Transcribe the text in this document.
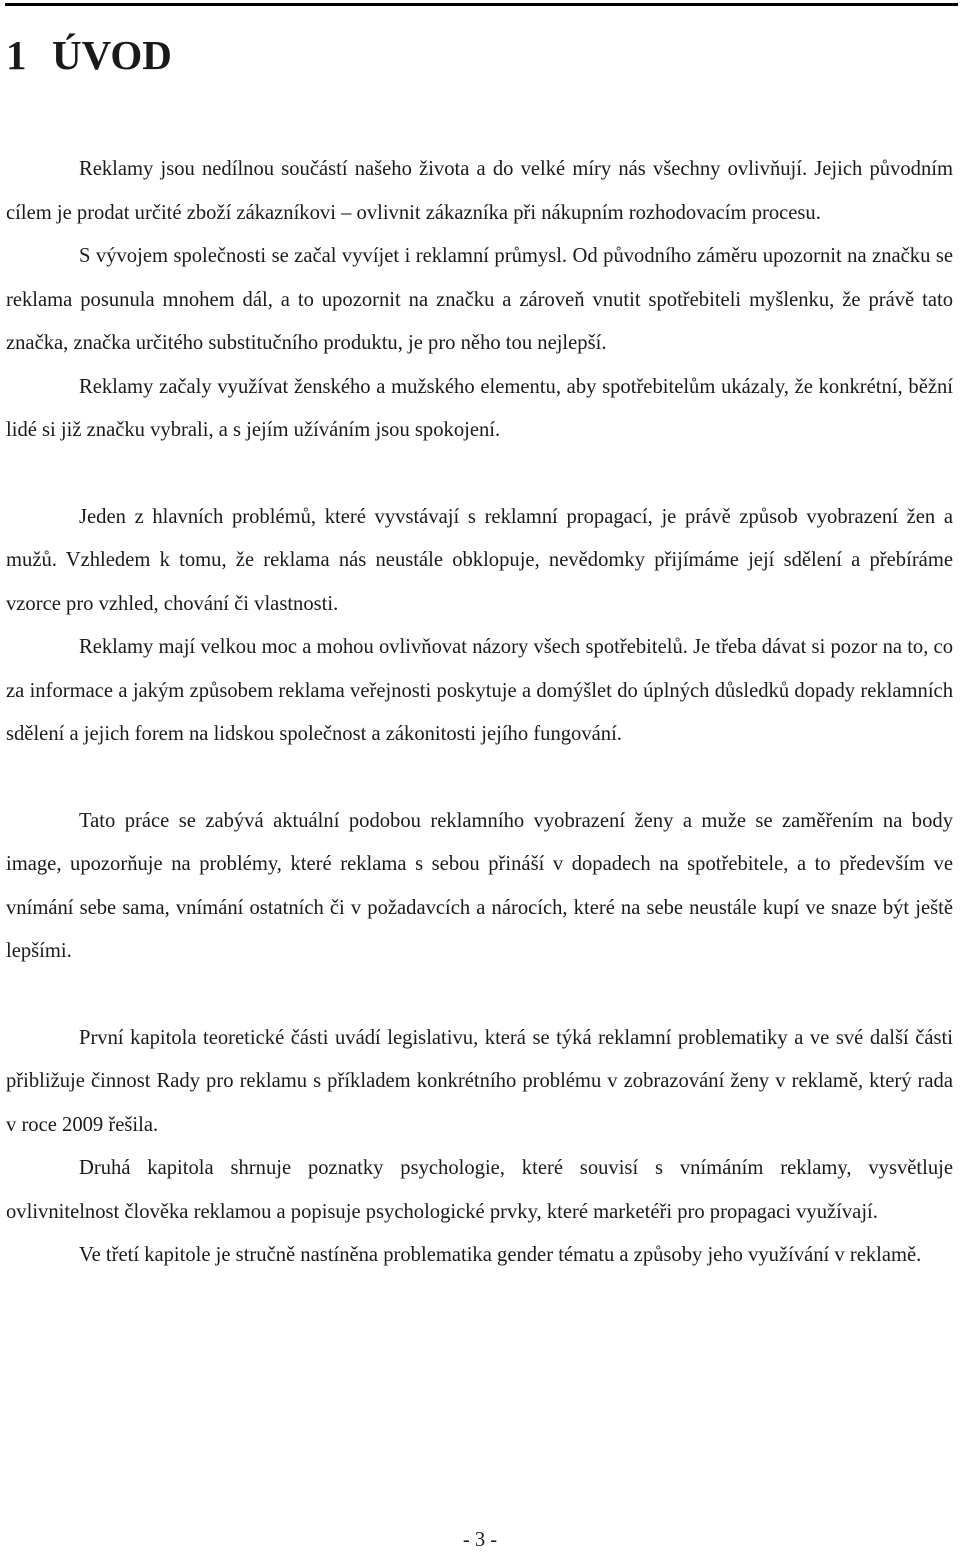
1 ÚVOD

Reklamy jsou nedílnou součástí našeho života a do velké míry nás všechny ovlivňují. Jejich původním cílem je prodat určité zboží zákazníkovi – ovlivnit zákazníka při nákupním rozhodovacím procesu.

S vývojem společnosti se začal vyvíjet i reklamní průmysl. Od původního záměru upozornit na značku se reklama posunula mnohem dál, a to upozornit na značku a zároveň vnutit spotřebiteli myšlenku, že právě tato značka, značka určitého substitučního produktu, je pro něho tou nejlepší.

Reklamy začaly využívat ženského a mužského elementu, aby spotřebitelům ukázaly, že konkrétní, běžní lidé si již značku vybrali, a s jejím užíváním jsou spokojení.

Jeden z hlavních problémů, které vyvstávají s reklamní propagací, je právě způsob vyobrazení žen a mužů. Vzhledem k tomu, že reklama nás neustále obklopuje, nevědomky přijímáme její sdělení a přebíráme vzorce pro vzhled, chování či vlastnosti.

Reklamy mají velkou moc a mohou ovlivňovat názory všech spotřebitelů. Je třeba dávat si pozor na to, co za informace a jakým způsobem reklama veřejnosti poskytuje a domýšlet do úplných důsledků dopady reklamních sdělení a jejich forem na lidskou společnost a zákonitosti jejího fungování.

Tato práce se zabývá aktuální podobou reklamního vyobrazení ženy a muže se zaměřením na body image, upozorňuje na problémy, které reklama s sebou přináší v dopadech na spotřebitele, a to především ve vnímání sebe sama, vnímání ostatních či v požadavcích a nárocích, které na sebe neustále kupí ve snaze být ještě lepšími.

První kapitola teoretické části uvádí legislativu, která se týká reklamní problematiky a ve své další části přibližuje činnost Rady pro reklamu s příkladem konkrétního problému v zobrazování ženy v reklamě, který rada v roce 2009 řešila.

Druhá kapitola shrnuje poznatky psychologie, které souvisí s vnímáním reklamy, vysvětluje ovlivnitelnost člověka reklamou a popisuje psychologické prvky, které marketéři pro propagaci využívají.

Ve třetí kapitole je stručně nastíněna problematika gender tématu a způsoby jeho využívání v reklamě.

- 3 -
